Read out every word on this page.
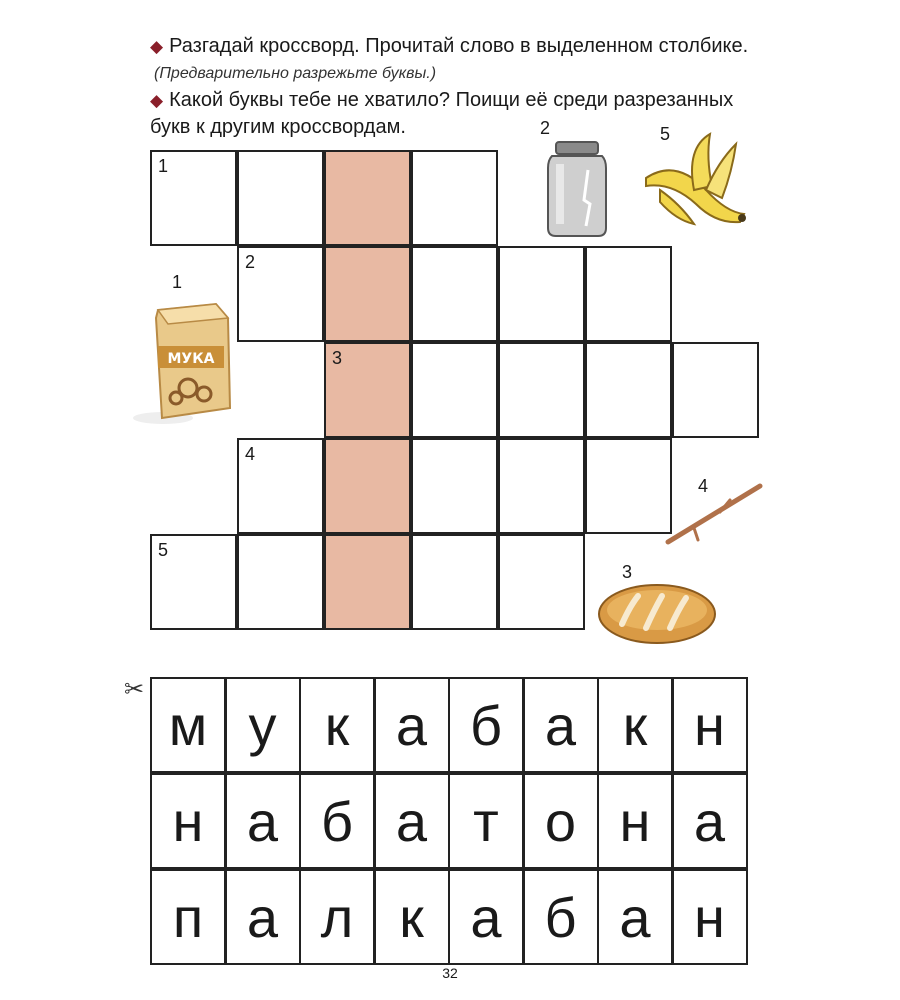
◆ Разгадай кроссворд. Прочитай слово в выделенном столбике.

(Предварительно разрежьте буквы.)

◆ Какой буквы тебе не хватило? Поищи её среди разрезанных

букв к другим кроссвордам.

1
2
3
4
5
1
МУКА
2	5
4
3
✂
м у к а б а к н
н а б а т о н а
п а л к а б а н
32
